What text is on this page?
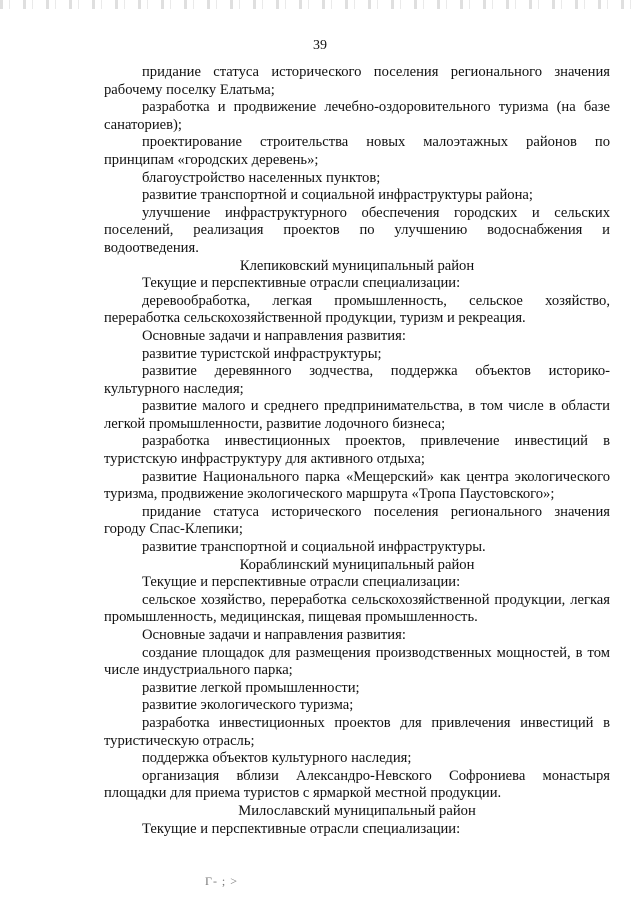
39

придание статуса исторического поселения регионального значения рабочему поселку Елатьма;

разработка и продвижение лечебно-оздоровительного туризма (на базе санаториев);

проектирование строительства новых малоэтажных районов по принципам «городских деревень»;

благоустройство населенных пунктов;

развитие транспортной и социальной инфраструктуры района;

улучшение инфраструктурного обеспечения городских и сельских поселений, реализация проектов по улучшению водоснабжения и водоотведения.

Клепиковский муниципальный район

Текущие и перспективные отрасли специализации:

деревообработка, легкая промышленность, сельское хозяйство, переработка сельскохозяйственной продукции, туризм и рекреация.

Основные задачи и направления развития:

развитие туристской инфраструктуры;

развитие деревянного зодчества, поддержка объектов историко-культурного наследия;

развитие малого и среднего предпринимательства, в том числе в области легкой промышленности, развитие лодочного бизнеса;

разработка инвестиционных проектов, привлечение инвестиций в туристскую инфраструктуру для активного отдыха;

развитие Национального парка «Мещерский» как центра экологического туризма, продвижение экологического маршрута «Тропа Паустовского»;

придание статуса исторического поселения регионального значения городу Спас-Клепики;

развитие транспортной и социальной инфраструктуры.

Кораблинский муниципальный район

Текущие и перспективные отрасли специализации:

сельское хозяйство, переработка сельскохозяйственной продукции, легкая промышленность, медицинская, пищевая промышленность.

Основные задачи и направления развития:

создание площадок для размещения производственных мощностей, в том числе индустриального парка;

развитие легкой промышленности;

развитие экологического туризма;

разработка инвестиционных проектов для привлечения инвестиций в туристическую отрасль;

поддержка объектов культурного наследия;

организация вблизи Александро-Невского Софрониева монастыря площадки для приема туристов с ярмаркой местной продукции.

Милославский муниципальный район

Текущие и перспективные отрасли специализации:

Г- ; >
